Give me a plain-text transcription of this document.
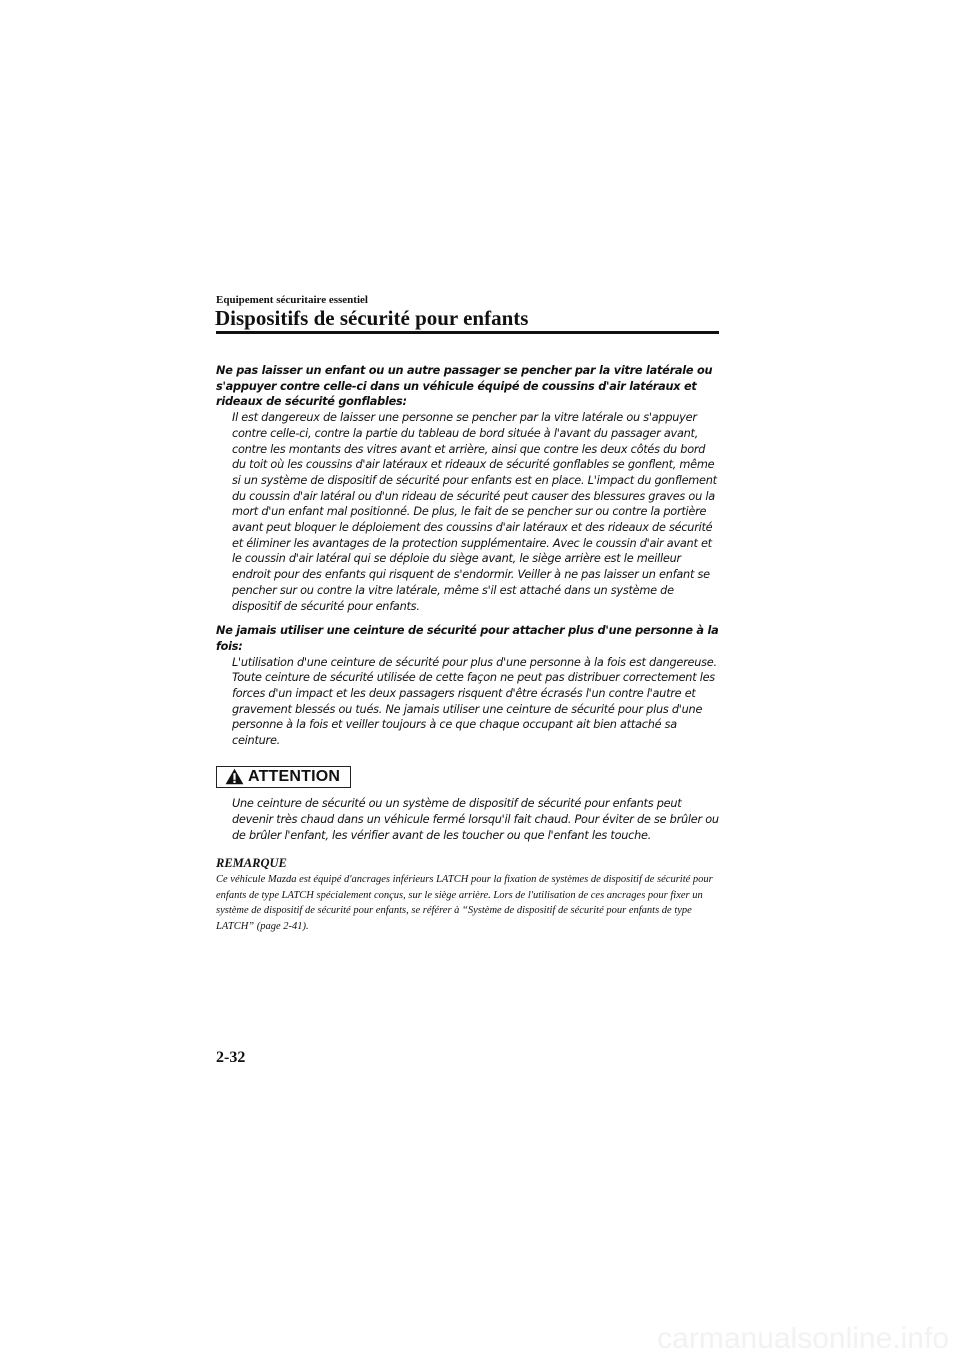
Equipement sécuritaire essentiel
Dispositifs de sécurité pour enfants

Ne pas laisser un enfant ou un autre passager se pencher par la vitre latérale ou s'appuyer contre celle-ci dans un véhicule équipé de coussins d'air latéraux et rideaux de sécurité gonflables:

Il est dangereux de laisser une personne se pencher par la vitre latérale ou s'appuyer contre celle-ci, contre la partie du tableau de bord située à l'avant du passager avant, contre les montants des vitres avant et arrière, ainsi que contre les deux côtés du bord du toit où les coussins d'air latéraux et rideaux de sécurité gonflables se gonflent, même si un système de dispositif de sécurité pour enfants est en place. L'impact du gonflement du coussin d'air latéral ou d'un rideau de sécurité peut causer des blessures graves ou la mort d'un enfant mal positionné. De plus, le fait de se pencher sur ou contre la portière avant peut bloquer le déploiement des coussins d'air latéraux et des rideaux de sécurité et éliminer les avantages de la protection supplémentaire. Avec le coussin d'air avant et le coussin d'air latéral qui se déploie du siège avant, le siège arrière est le meilleur endroit pour des enfants qui risquent de s'endormir. Veiller à ne pas laisser un enfant se pencher sur ou contre la vitre latérale, même s'il est attaché dans un système de dispositif de sécurité pour enfants.

Ne jamais utiliser une ceinture de sécurité pour attacher plus d'une personne à la fois:

L'utilisation d'une ceinture de sécurité pour plus d'une personne à la fois est dangereuse. Toute ceinture de sécurité utilisée de cette façon ne peut pas distribuer correctement les forces d'un impact et les deux passagers risquent d'être écrasés l'un contre l'autre et gravement blessés ou tués. Ne jamais utiliser une ceinture de sécurité pour plus d'une personne à la fois et veiller toujours à ce que chaque occupant ait bien attaché sa ceinture.

ATTENTION

Une ceinture de sécurité ou un système de dispositif de sécurité pour enfants peut devenir très chaud dans un véhicule fermé lorsqu'il fait chaud. Pour éviter de se brûler ou de brûler l'enfant, les vérifier avant de les toucher ou que l'enfant les touche.

REMARQUE

Ce véhicule Mazda est équipé d'ancrages inférieurs LATCH pour la fixation de systèmes de dispositif de sécurité pour enfants de type LATCH spécialement conçus, sur le siège arrière. Lors de l'utilisation de ces ancrages pour fixer un système de dispositif de sécurité pour enfants, se référer à “Système de dispositif de sécurité pour enfants de type LATCH” (page 2-41).

2-32
carmanualsonline.info
